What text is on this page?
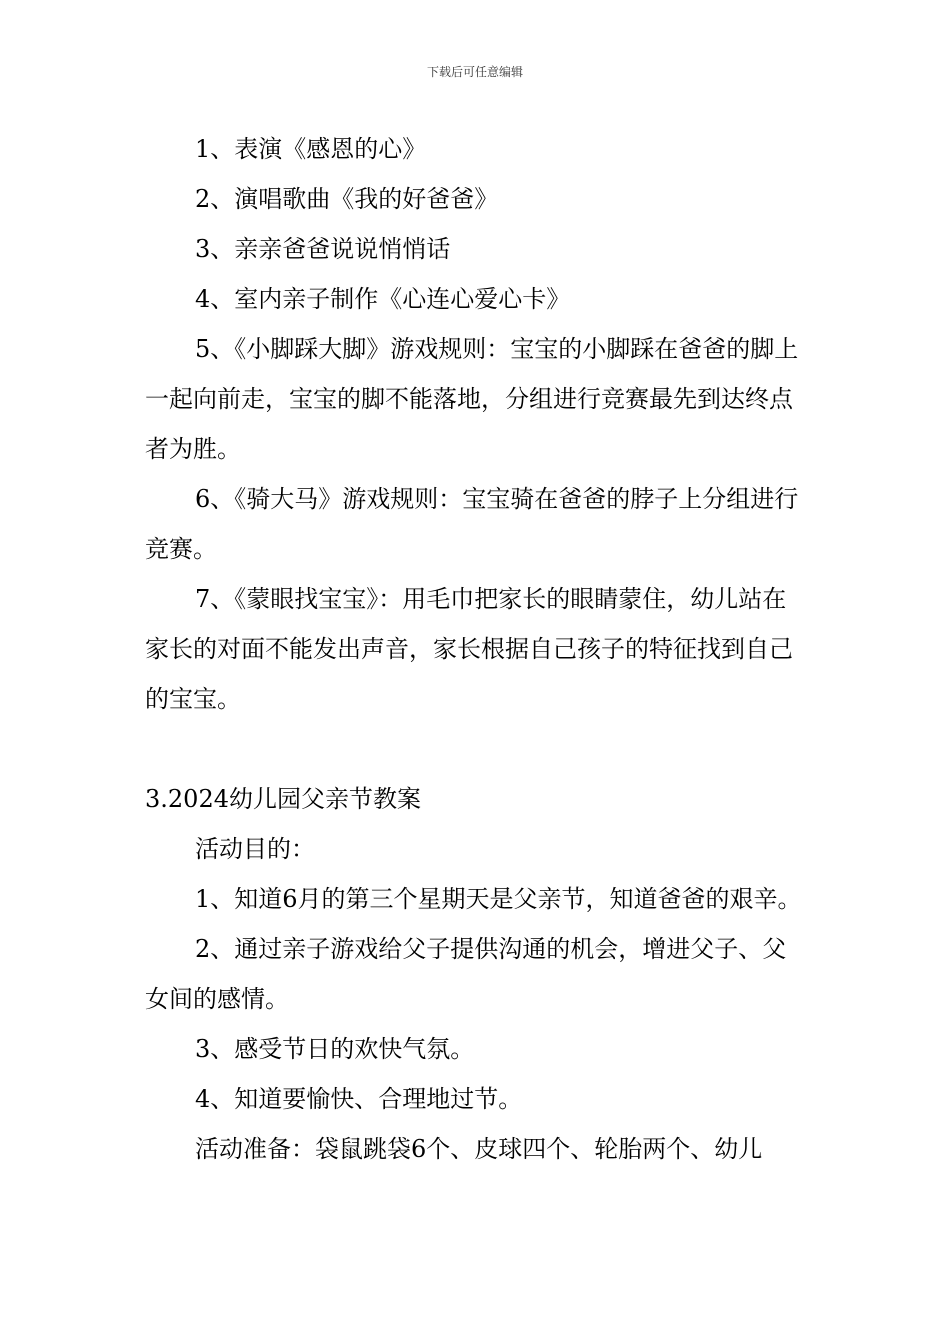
下载后可任意编辑

1、表演《感恩的心》

2、演唱歌曲《我的好爸爸》

3、亲亲爸爸说说悄悄话

4、室内亲子制作《心连心爱心卡》

5、《小脚踩大脚》游戏规则：宝宝的小脚踩在爸爸的脚上一起向前走，宝宝的脚不能落地，分组进行竞赛最先到达终点者为胜。

6、《骑大马》游戏规则：宝宝骑在爸爸的脖子上分组进行竞赛。

7、《蒙眼找宝宝》：用毛巾把家长的眼睛蒙住，幼儿站在家长的对面不能发出声音，家长根据自己孩子的特征找到自己的宝宝。

3.2024幼儿园父亲节教案

活动目的：

1、知道6月的第三个星期天是父亲节，知道爸爸的艰辛。

2、通过亲子游戏给父子提供沟通的机会，增进父子、父女间的感情。

3、感受节日的欢快气氛。

4、知道要愉快、合理地过节。

活动准备：袋鼠跳袋6个、皮球四个、轮胎两个、幼儿
